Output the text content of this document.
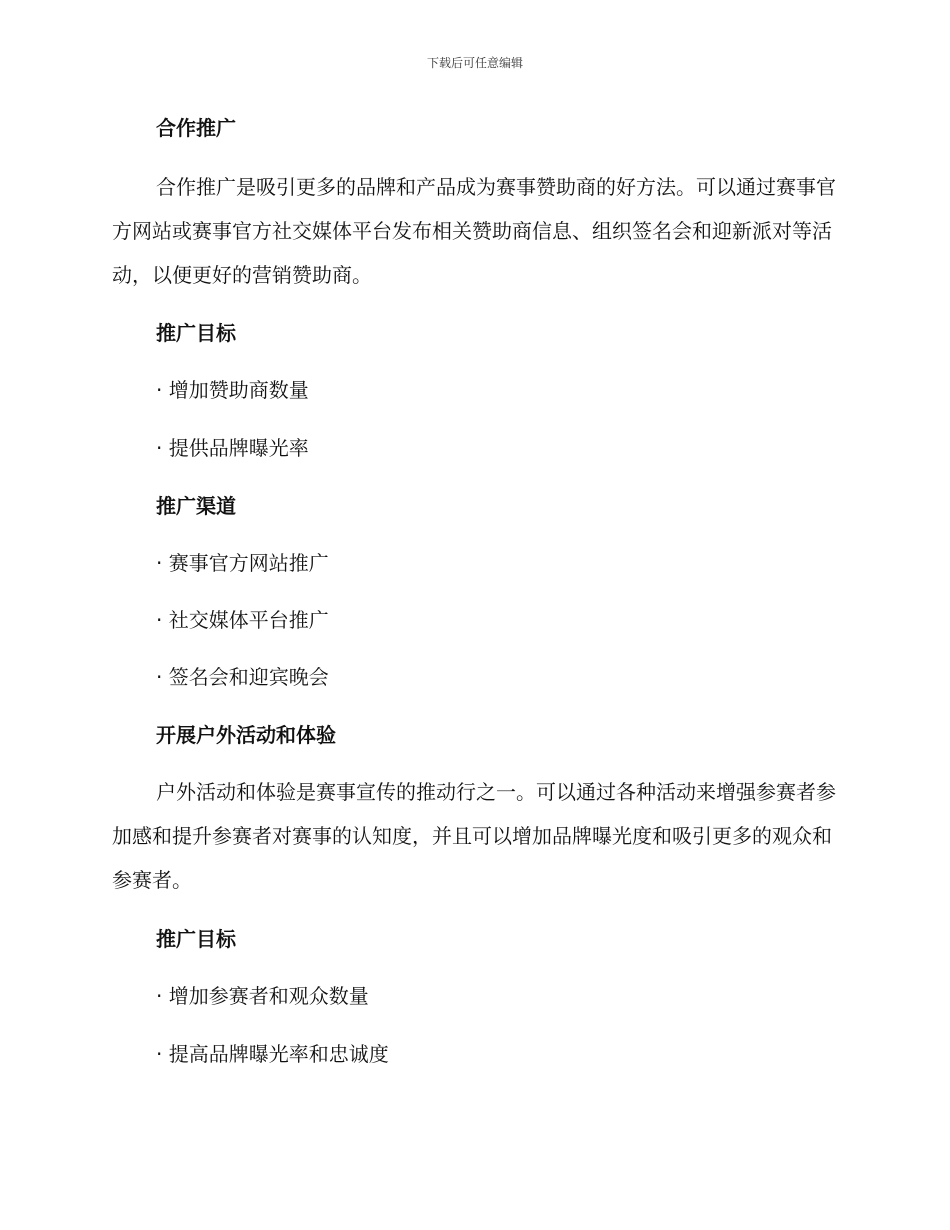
下载后可任意编辑
合作推广
合作推广是吸引更多的品牌和产品成为赛事赞助商的好方法。可以通过赛事官方网站或赛事官方社交媒体平台发布相关赞助商信息、组织签名会和迎新派对等活动，以便更好的营销赞助商。
推广目标
· 增加赞助商数量
· 提供品牌曝光率
推广渠道
· 赛事官方网站推广
· 社交媒体平台推广
· 签名会和迎宾晚会
开展户外活动和体验
户外活动和体验是赛事宣传的推动行之一。可以通过各种活动来增强参赛者参加感和提升参赛者对赛事的认知度，并且可以增加品牌曝光度和吸引更多的观众和参赛者。
推广目标
· 增加参赛者和观众数量
· 提高品牌曝光率和忠诚度
